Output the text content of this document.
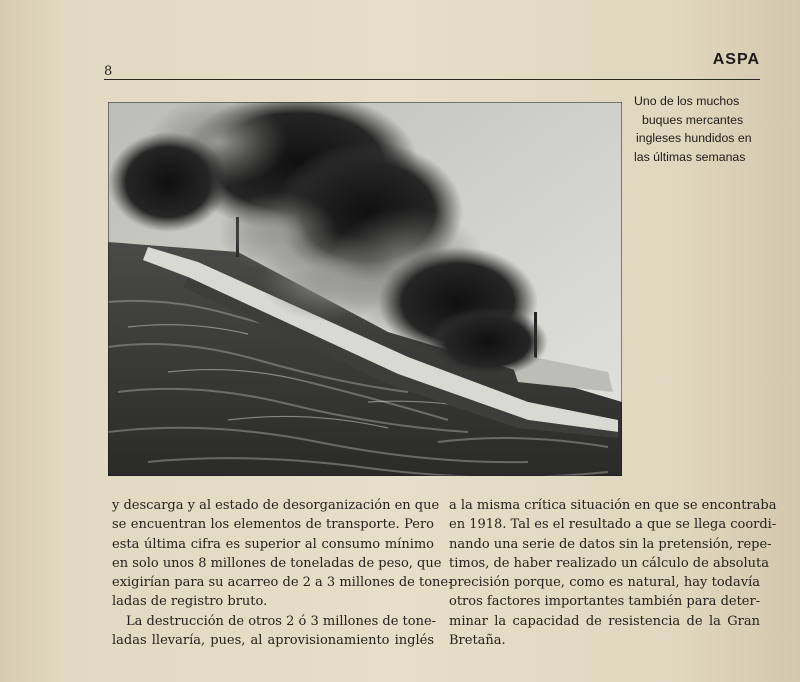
8
ASPA
Uno de los muchos
buques mercantes
ingleses hundidos en
las últimas semanas
y descarga y al estado de desorganización en que
se encuentran los elementos de transporte. Pero
esta última cifra es superior al consumo mínimo
en solo unos 8 millones de toneladas de peso, que
exigirían para su acarreo de 2 a 3 millones de tone-
ladas de registro bruto.
La destrucción de otros 2 ó 3 millones de tone-
ladas llevaría, pues, al aprovisionamiento inglés
a la misma crítica situación en que se encontraba
en 1918. Tal es el resultado a que se llega coordi-
nando una serie de datos sin la pretensión, repe-
timos, de haber realizado un cálculo de absoluta
precisión porque, como es natural, hay todavía
otros factores importantes también para deter-
minar la capacidad de resistencia de la Gran
Bretaña.
